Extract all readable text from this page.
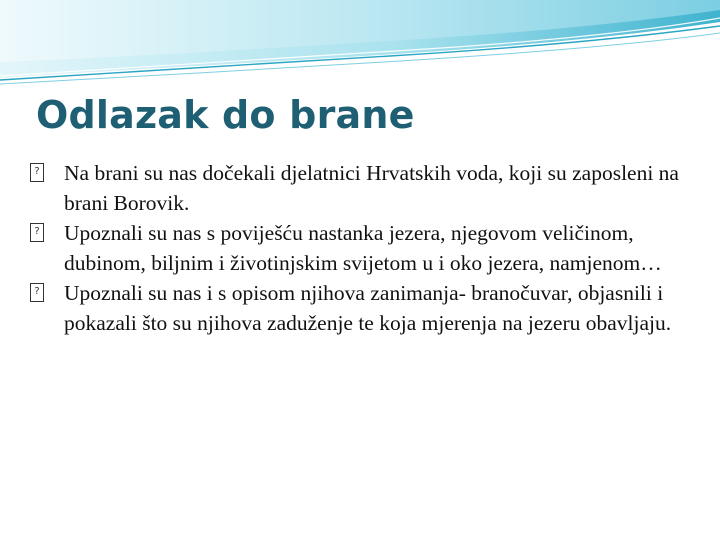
Odlazak do brane
? Na brani su nas dočekali djelatnici Hrvatskih voda, koji su zaposleni na brani Borovik.
? Upoznali su nas s poviješću nastanka jezera, njegovom veličinom, dubinom, biljnim i životinjskim svijetom u i oko jezera, namjenom…
? Upoznali su nas i s opisom njihova zanimanja- branočuvar, objasnili i pokazali što su njihova zaduženje te koja mjerenja na jezeru obavljaju.
